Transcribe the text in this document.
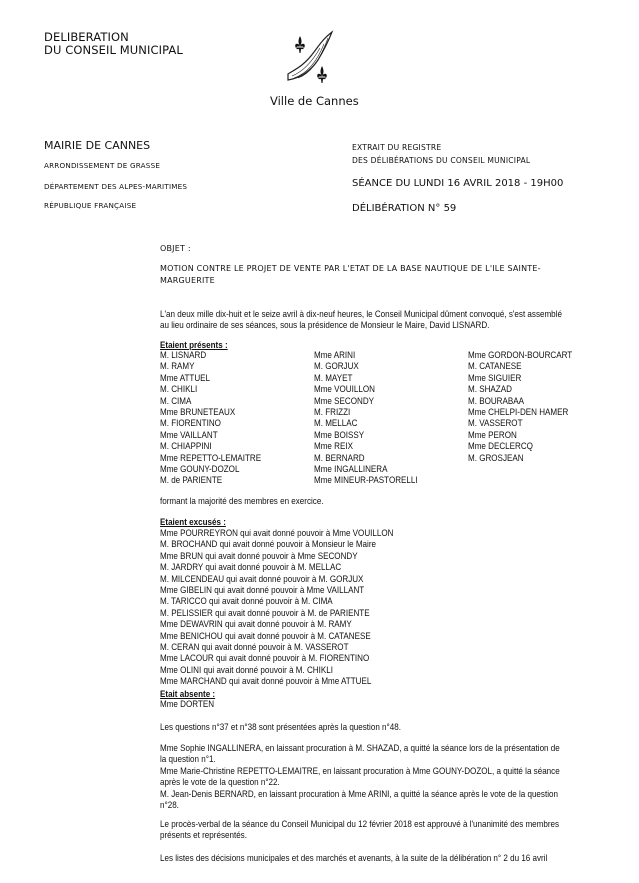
DELIBERATION
DU CONSEIL MUNICIPAL
Ville de Cannes
MAIRIE DE CANNES
ARRONDISSEMENT DE GRASSE
DÉPARTEMENT DES ALPES-MARITIMES
RÉPUBLIQUE FRANÇAISE
EXTRAIT DU REGISTRE
DES DÉLIBÉRATIONS DU CONSEIL MUNICIPAL
SÉANCE DU LUNDI 16 AVRIL 2018 - 19H00
DÉLIBÉRATION N° 59
OBJET :
MOTION CONTRE LE PROJET DE VENTE PAR L'ETAT DE LA BASE NAUTIQUE DE L'ILE SAINTE-
MARGUERITE
L'an deux mille dix-huit et le seize avril à dix-neuf heures, le Conseil Municipal dûment convoqué, s'est assemblé
au lieu ordinaire de ses séances, sous la présidence de Monsieur le Maire, David LISNARD.
Etaient présents :
M. LISNARD
M. RAMY
Mme ATTUEL
M. CHIKLI
M. CIMA
Mme BRUNETEAUX
M. FIORENTINO
Mme VAILLANT
M. CHIAPPINI
Mme REPETTO-LEMAITRE
Mme GOUNY-DOZOL
M. de PARIENTE
Mme ARINI
M. GORJUX
M. MAYET
Mme VOUILLON
Mme SECONDY
M. FRIZZI
M. MELLAC
Mme BOISSY
Mme REIX
M. BERNARD
Mme INGALLINERA
Mme MINEUR-PASTORELLI
Mme GORDON-BOURCART
M. CATANESE
Mme SIGUIER
M. SHAZAD
M. BOURABAA
Mme CHELPI-DEN HAMER
M. VASSEROT
Mme PERON
Mme DECLERCQ
M. GROSJEAN
formant la majorité des membres en exercice.
Etaient excusés :
Mme POURREYRON qui avait donné pouvoir à Mme VOUILLON
M. BROCHAND qui avait donné pouvoir à Monsieur le Maire
Mme BRUN qui avait donné pouvoir à Mme SECONDY
M. JARDRY qui avait donné pouvoir à M. MELLAC
M. MILCENDEAU qui avait donné pouvoir à M. GORJUX
Mme GIBELIN qui avait donné pouvoir à Mme VAILLANT
M. TARICCO qui avait donné pouvoir à M. CIMA
M. PELISSIER qui avait donné pouvoir à M. de PARIENTE
Mme DEWAVRIN qui avait donné pouvoir à M. RAMY
Mme BENICHOU qui avait donné pouvoir à M. CATANESE
M. CERAN qui avait donné pouvoir à M. VASSEROT
Mme LACOUR qui avait donné pouvoir à M. FIORENTINO
Mme OLINI qui avait donné pouvoir à M. CHIKLI
Mme MARCHAND qui avait donné pouvoir à Mme ATTUEL
Etait absente :
Mme DORTEN
Les questions n°37 et n°38 sont présentées après la question n°48.
Mme Sophie INGALLINERA, en laissant procuration à M. SHAZAD, a quitté la séance lors de la présentation de
la question n°1.
Mme Marie-Christine REPETTO-LEMAITRE, en laissant procuration à Mme GOUNY-DOZOL, a quitté la séance
après le vote de la question n°22.
M. Jean-Denis BERNARD, en laissant procuration à Mme ARINI, a quitté la séance après le vote de la question
n°28.
Le procès-verbal de la séance du Conseil Municipal du 12 février 2018 est approuvé à l'unanimité des membres
présents et représentés.
Les listes des décisions municipales et des marchés et avenants, à la suite de la délibération n° 2 du 16 avril
